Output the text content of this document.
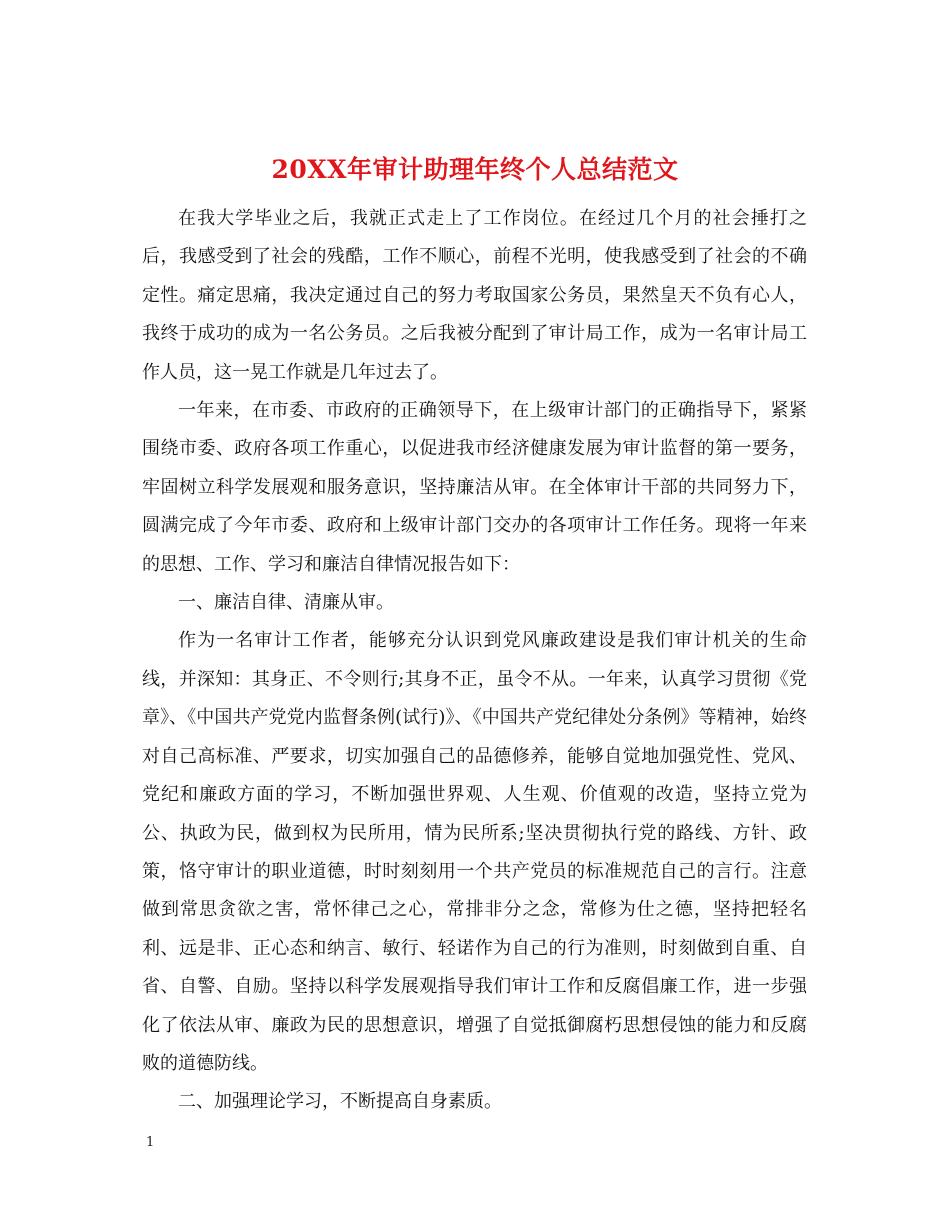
20XX年审计助理年终个人总结范文

在我大学毕业之后，我就正式走上了工作岗位。在经过几个月的社会捶打之后，我感受到了社会的残酷，工作不顺心，前程不光明，使我感受到了社会的不确定性。痛定思痛，我决定通过自己的努力考取国家公务员，果然皇天不负有心人，我终于成功的成为一名公务员。之后我被分配到了审计局工作，成为一名审计局工作人员，这一晃工作就是几年过去了。

一年来，在市委、市政府的正确领导下，在上级审计部门的正确指导下，紧紧围绕市委、政府各项工作重心，以促进我市经济健康发展为审计监督的第一要务，牢固树立科学发展观和服务意识，坚持廉洁从审。在全体审计干部的共同努力下，圆满完成了今年市委、政府和上级审计部门交办的各项审计工作任务。现将一年来的思想、工作、学习和廉洁自律情况报告如下：

一、廉洁自律、清廉从审。

作为一名审计工作者，能够充分认识到党风廉政建设是我们审计机关的生命线，并深知：其身正、不令则行;其身不正，虽令不从。一年来，认真学习贯彻《党章》、《中国共产党党内监督条例(试行)》、《中国共产党纪律处分条例》等精神，始终对自己高标准、严要求，切实加强自己的品德修养，能够自觉地加强党性、党风、党纪和廉政方面的学习，不断加强世界观、人生观、价值观的改造，坚持立党为公、执政为民，做到权为民所用，情为民所系;坚决贯彻执行党的路线、方针、政策，恪守审计的职业道德，时时刻刻用一个共产党员的标准规范自己的言行。注意做到常思贪欲之害，常怀律己之心，常排非分之念，常修为仕之德，坚持把轻名利、远是非、正心态和纳言、敏行、轻诺作为自己的行为准则，时刻做到自重、自省、自警、自励。坚持以科学发展观指导我们审计工作和反腐倡廉工作，进一步强化了依法从审、廉政为民的思想意识，增强了自觉抵御腐朽思想侵蚀的能力和反腐败的道德防线。

二、加强理论学习，不断提高自身素质。

1
